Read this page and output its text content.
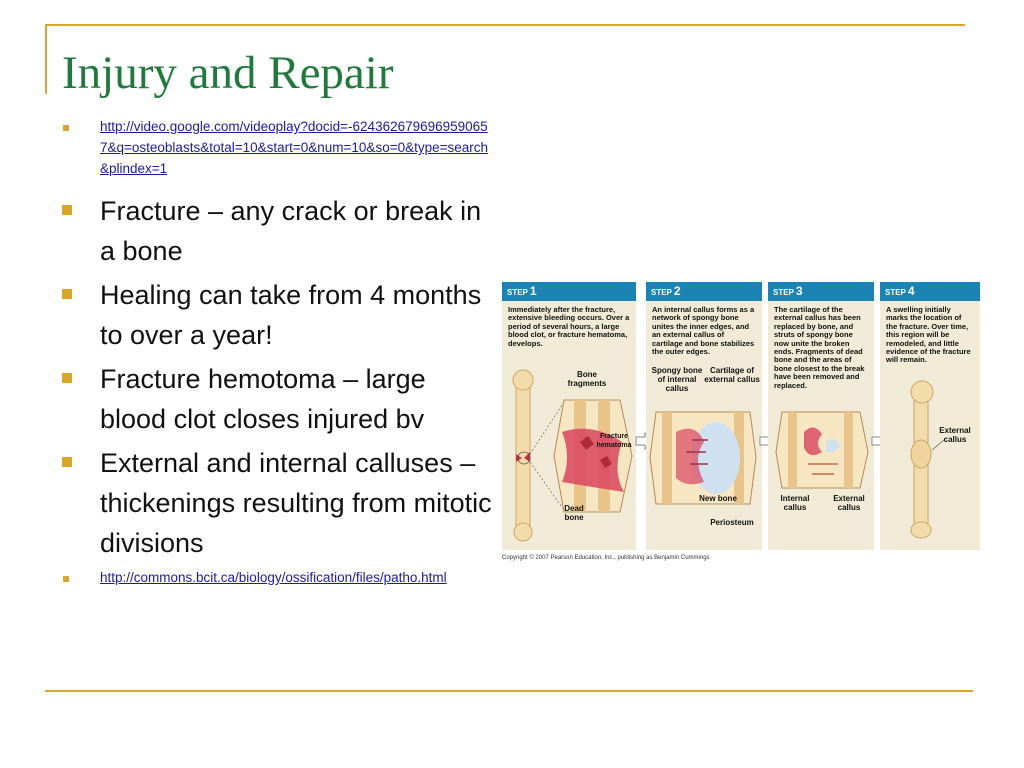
Injury and Repair
http://video.google.com/videoplay?docid=-6243626796969590657&q=osteoblasts&total=10&start=0&num=10&so=0&type=search&plindex=1
Fracture – any crack or break in a bone
Healing can take from 4 months to over a year!
Fracture hemotoma – large blood clot closes injured bv
External and internal calluses – thickenings resulting from mitotic divisions
http://commons.bcit.ca/biology/ossification/files/patho.html
STEP 1
Immediately after the fracture, extensive bleeding occurs. Over a period of several hours, a large blood clot, or fracture hematoma, develops.
Bone fragments
Fracture hematoma
Dead bone
STEP 2
An internal callus forms as a network of spongy bone unites the inner edges, and an external callus of cartilage and bone stabilizes the outer edges.
Spongy bone of internal callus
Cartilage of external callus
New bone
Periosteum
STEP 3
The cartilage of the external callus has been replaced by bone, and struts of spongy bone now unite the broken ends. Fragments of dead bone and the areas of bone closest to the break have been removed and replaced.
Internal callus
External callus
STEP 4
A swelling initially marks the location of the fracture. Over time, this region will be remodeled, and little evidence of the fracture will remain.
External callus
Copyright © 2007 Pearson Education, Inc., publishing as Benjamin Cummings
